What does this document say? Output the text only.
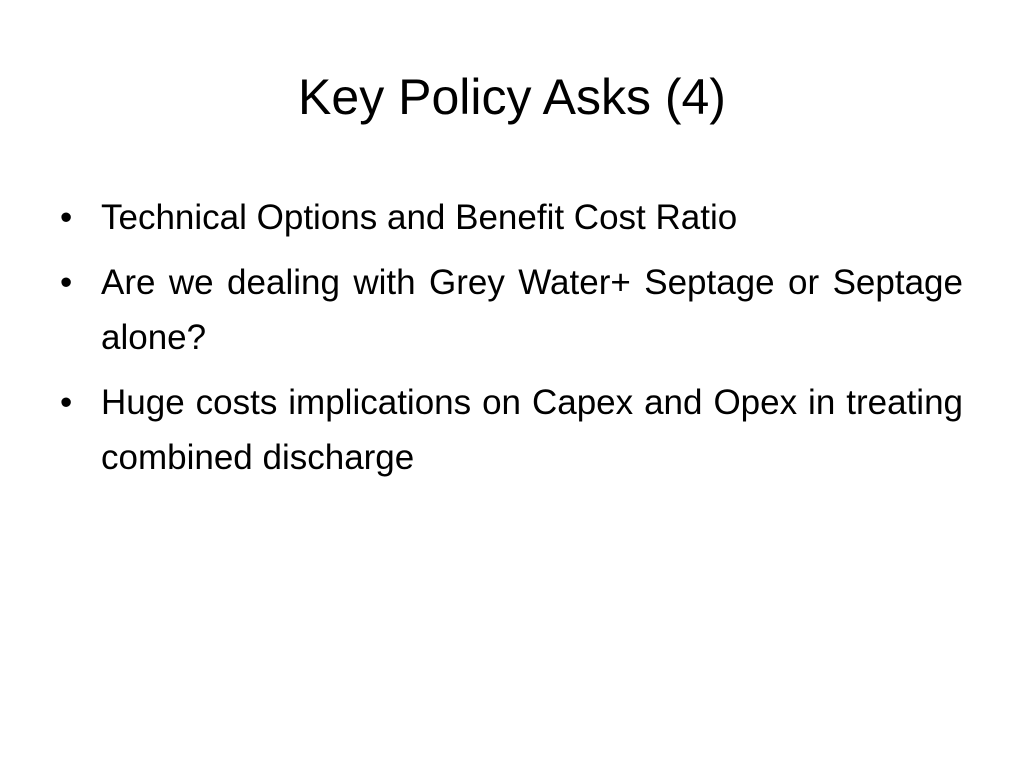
Key Policy Asks (4)
• Technical Options and Benefit Cost Ratio
• Are we dealing with Grey Water+ Septage or Septage alone?
• Huge costs implications on Capex and Opex in treating combined discharge
